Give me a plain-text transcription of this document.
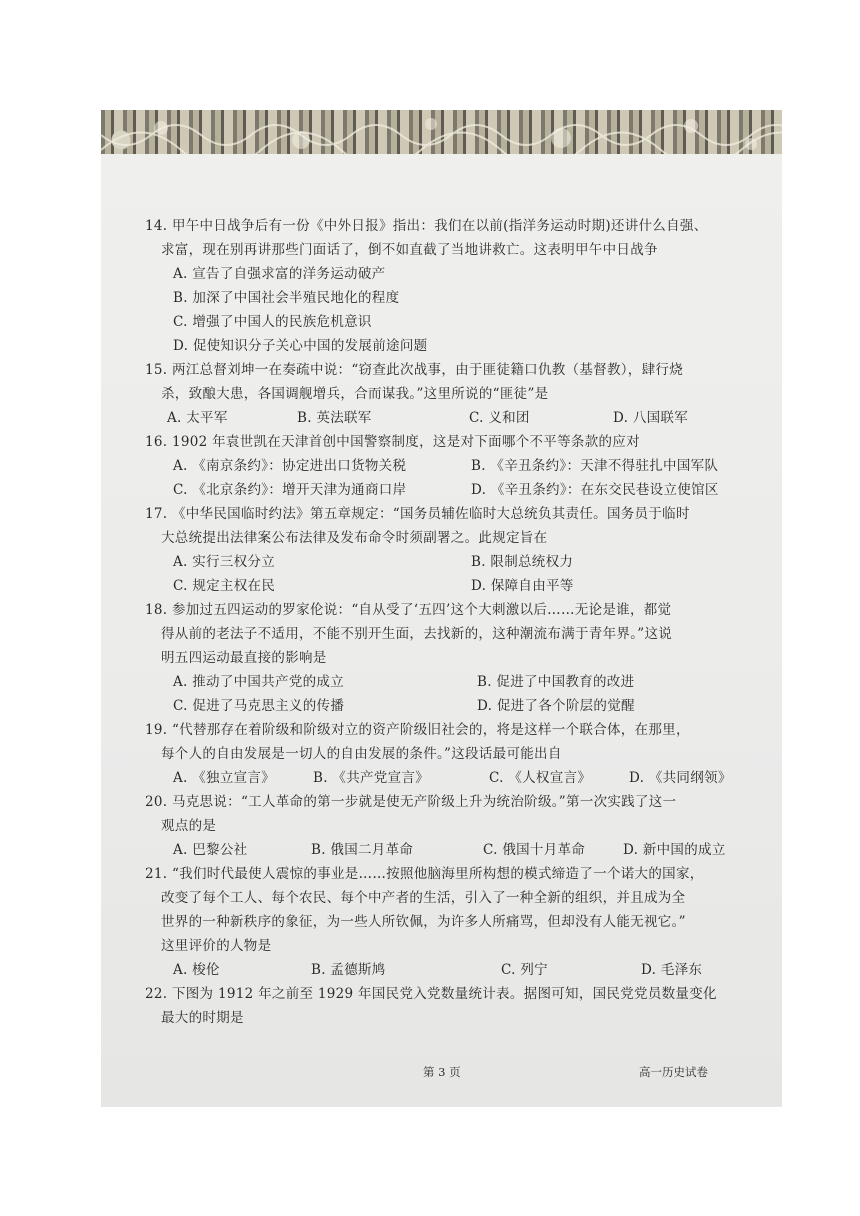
14. 甲午中日战争后有一份《中外日报》指出：我们在以前(指洋务运动时期)还讲什么自强、
求富，现在别再讲那些门面话了，倒不如直截了当地讲救亡。这表明甲午中日战争
A. 宣告了自强求富的洋务运动破产
B. 加深了中国社会半殖民地化的程度
C. 增强了中国人的民族危机意识
D. 促使知识分子关心中国的发展前途问题
15. 两江总督刘坤一在奏疏中说：“窃查此次战事，由于匪徒籍口仇教（基督教），肆行烧
杀，致酿大患，各国调舰增兵，合而谋我。”这里所说的“匪徒”是
A. 太平军	B. 英法联军	C. 义和团	D. 八国联军
16. 1902 年袁世凯在天津首创中国警察制度，这是对下面哪个不平等条款的应对
A. 《南京条约》：协定进出口货物关税	B. 《辛丑条约》：天津不得驻扎中国军队
C. 《北京条约》：增开天津为通商口岸	D. 《辛丑条约》：在东交民巷设立使馆区
17. 《中华民国临时约法》第五章规定：“国务员辅佐临时大总统负其责任。国务员于临时
大总统提出法律案公布法律及发布命令时须副署之。此规定旨在
A. 实行三权分立	B. 限制总统权力
C. 规定主权在民	D. 保障自由平等
18. 参加过五四运动的罗家伦说：“自从受了‘五四’这个大刺激以后……无论是谁，都觉
得从前的老法子不适用，不能不别开生面，去找新的，这种潮流布满于青年界。”这说
明五四运动最直接的影响是
A. 推动了中国共产党的成立	B. 促进了中国教育的改进
C. 促进了马克思主义的传播	D. 促进了各个阶层的觉醒
19. “代替那存在着阶级和阶级对立的资产阶级旧社会的，将是这样一个联合体，在那里，
每个人的自由发展是一切人的自由发展的条件。”这段话最可能出自
A. 《独立宣言》	B. 《共产党宣言》	C. 《人权宣言》	D. 《共同纲领》
20. 马克思说：“工人革命的第一步就是使无产阶级上升为统治阶级。”第一次实践了这一
观点的是
A. 巴黎公社	B. 俄国二月革命	C. 俄国十月革命	D. 新中国的成立
21. “我们时代最使人震惊的事业是……按照他脑海里所构想的模式缔造了一个诺大的国家，
改变了每个工人、每个农民、每个中产者的生活，引入了一种全新的组织，并且成为全
世界的一种新秩序的象征，为一些人所钦佩，为许多人所痛骂，但却没有人能无视它。”
这里评价的人物是
A. 梭伦	B. 孟德斯鸠	C. 列宁	D. 毛泽东
22. 下图为 1912 年之前至 1929 年国民党入党数量统计表。据图可知，国民党党员数量变化
最大的时期是
第 3 页	高一历史试卷
